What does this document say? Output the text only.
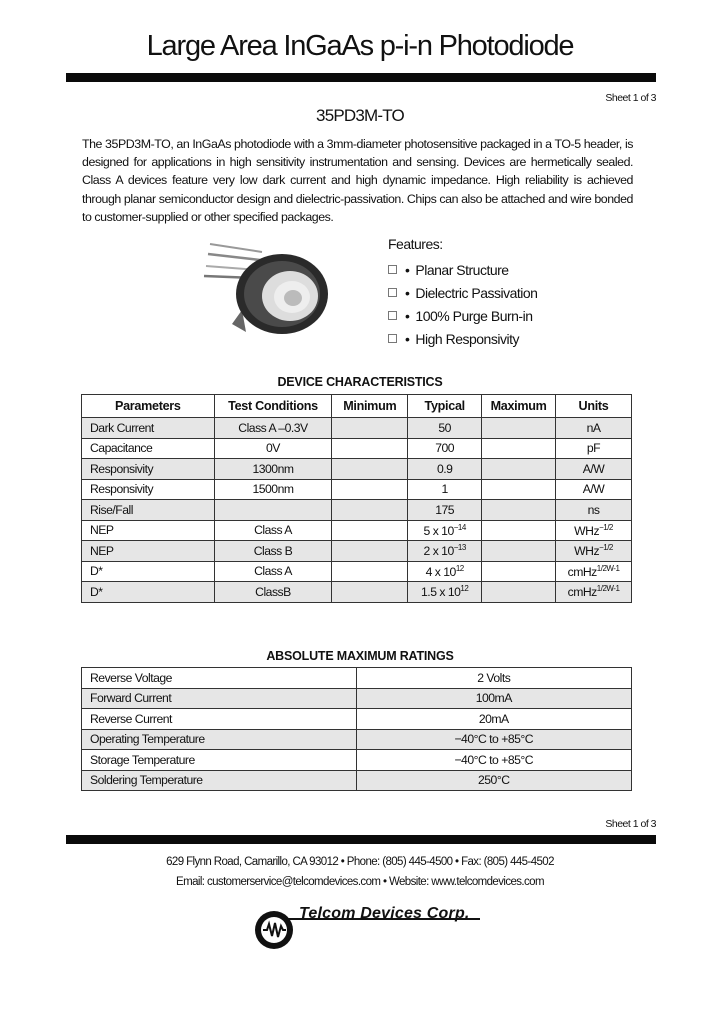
Large Area InGaAs p-i-n Photodiode
Sheet 1 of 3
35PD3M-TO
The 35PD3M-TO, an InGaAs photodiode with a 3mm-diameter photosensitive packaged in a TO-5 header, is designed for applications in high sensitivity instrumentation and sensing. Devices are hermetically sealed. Class A devices feature very low dark current and high dynamic impedance. High reliability is achieved through planar semiconductor design and dielectric-passivation. Chips can also be attached and wire bonded to customer-supplied or other specified packages.
Features:
• Planar Structure
• Dielectric Passivation
• 100% Purge Burn-in
• High Responsivity
DEVICE CHARACTERISTICS
Parameters	Test Conditions	Minimum	Typical	Maximum	Units
Dark Current	Class A –0.3V		50		nA
Capacitance	0V		700		pF
Responsivity	1300nm		0.9		A/W
Responsivity	1500nm		1		A/W
Rise/Fall			175		ns
NEP	Class A		5 x $10^{-14}$		WHz$^{-1/2}$
NEP	Class B		2 x $10^{-13}$		WHz$^{-1/2}$
D*	Class A		4 x $10^{12}$		cmHz$^{1/2W-1}$
D*	ClassB		1.5 x $10^{12}$		cmHz$^{1/2W-1}$
ABSOLUTE MAXIMUM RATINGS
Reverse Voltage	2 Volts
Forward Current	100mA
Reverse Current	20mA
Operating Temperature	−40°C to +85°C
Storage Temperature	−40°C to +85°C
Soldering Temperature	250°C
Sheet 1 of 3
629 Flynn Road, Camarillo, CA 93012 • Phone: (805) 445-4500 • Fax: (805) 445-4502
Email: customerservice@telcomdevices.com • Website: www.telcomdevices.com
Telcom Devices Corp.
